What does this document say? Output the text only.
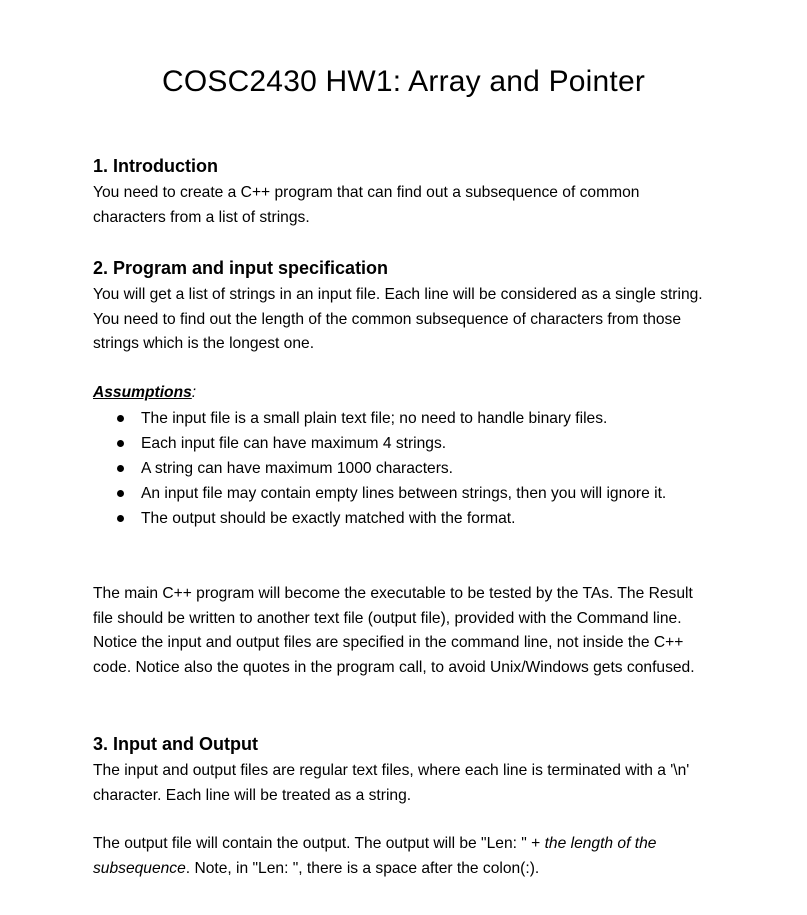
COSC2430 HW1: Array and Pointer
1. Introduction

You need to create a C++ program that can find out a subsequence of common characters from a list of strings.

2. Program and input specification

You will get a list of strings in an input file. Each line will be considered as a single string. You need to find out the length of the common subsequence of characters from those strings which is the longest one.

Assumptions:
The input file is a small plain text file; no need to handle binary files.
Each input file can have maximum 4 strings.
A string can have maximum 1000 characters.
An input file may contain empty lines between strings, then you will ignore it.
The output should be exactly matched with the format.

The main C++ program will become the executable to be tested by the TAs. The Result file should be written to another text file (output file), provided with the Command line. Notice the input and output files are specified in the command line, not inside the C++ code. Notice also the quotes in the program call, to avoid Unix/Windows gets confused.

3. Input and Output

The input and output files are regular text files, where each line is terminated with a '\n' character. Each line will be treated as a string.

The output file will contain the output. The output will be "Len: " + the length of the subsequence. Note, in "Len: ", there is a space after the colon(:).
